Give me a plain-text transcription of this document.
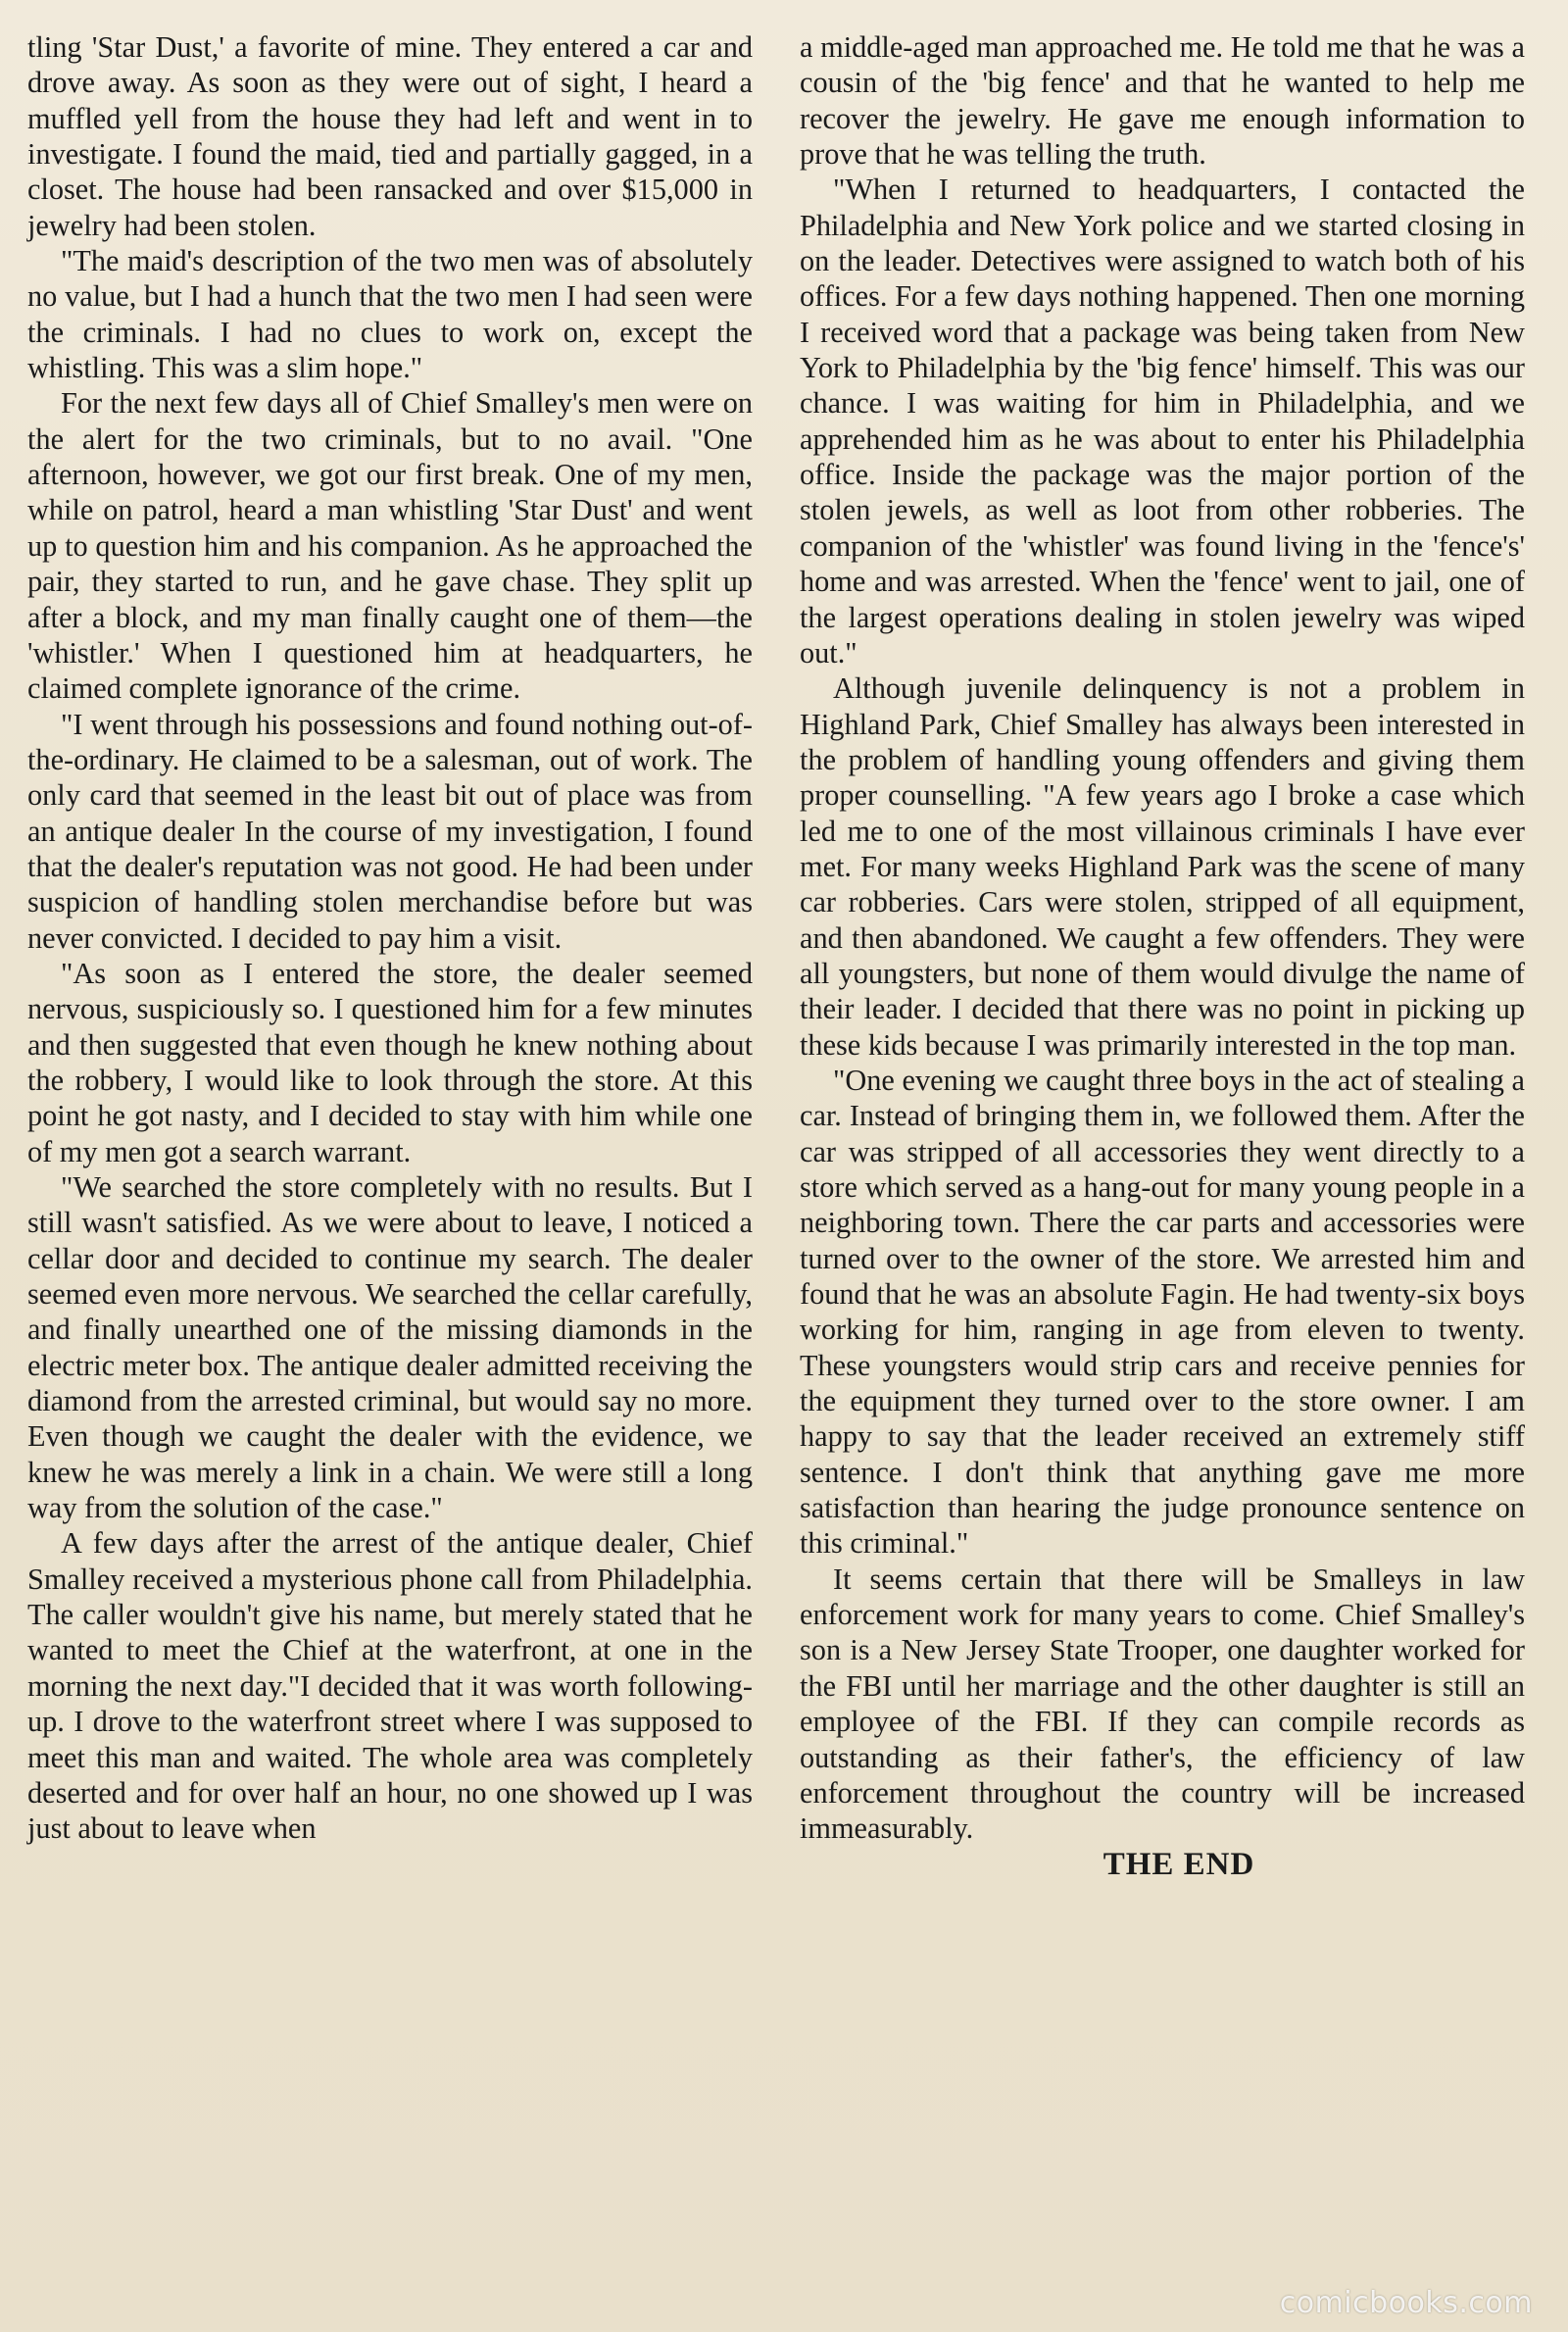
tling 'Star Dust,' a favorite of mine. They entered a car and drove away. As soon as they were out of sight, I heard a muffled yell from the house they had left and went in to investigate. I found the maid, tied and partially gagged, in a closet. The house had been ransacked and over $15,000 in jewelry had been stolen.

"The maid's description of the two men was of absolutely no value, but I had a hunch that the two men I had seen were the criminals. I had no clues to work on, except the whistling. This was a slim hope."

For the next few days all of Chief Smalley's men were on the alert for the two criminals, but to no avail. "One afternoon, however, we got our first break. One of my men, while on patrol, heard a man whistling 'Star Dust' and went up to question him and his companion. As he approached the pair, they started to run, and he gave chase. They split up after a block, and my man finally caught one of them—the 'whistler.' When I questioned him at headquarters, he claimed complete ignorance of the crime.

"I went through his possessions and found nothing out-of-the-ordinary. He claimed to be a salesman, out of work. The only card that seemed in the least bit out of place was from an antique dealer In the course of my investigation, I found that the dealer's reputation was not good. He had been under suspicion of handling stolen merchandise before but was never convicted. I decided to pay him a visit.

"As soon as I entered the store, the dealer seemed nervous, suspiciously so. I questioned him for a few minutes and then suggested that even though he knew nothing about the robbery, I would like to look through the store. At this point he got nasty, and I decided to stay with him while one of my men got a search warrant.

"We searched the store completely with no results. But I still wasn't satisfied. As we were about to leave, I noticed a cellar door and decided to continue my search. The dealer seemed even more nervous. We searched the cellar carefully, and finally unearthed one of the missing diamonds in the electric meter box. The antique dealer admitted receiving the diamond from the arrested criminal, but would say no more. Even though we caught the dealer with the evidence, we knew he was merely a link in a chain. We were still a long way from the solution of the case."

A few days after the arrest of the antique dealer, Chief Smalley received a mysterious phone call from Philadelphia. The caller wouldn't give his name, but merely stated that he wanted to meet the Chief at the waterfront, at one in the morning the next day."I decided that it was worth following-up. I drove to the waterfront street where I was supposed to meet this man and waited. The whole area was completely deserted and for over half an hour, no one showed up I was just about to leave when

a middle-aged man approached me. He told me that he was a cousin of the 'big fence' and that he wanted to help me recover the jewelry. He gave me enough information to prove that he was telling the truth.

"When I returned to headquarters, I contacted the Philadelphia and New York police and we started closing in on the leader. Detectives were assigned to watch both of his offices. For a few days nothing happened. Then one morning I received word that a package was being taken from New York to Philadelphia by the 'big fence' himself. This was our chance. I was waiting for him in Philadelphia, and we apprehended him as he was about to enter his Philadelphia office. Inside the package was the major portion of the stolen jewels, as well as loot from other robberies. The companion of the 'whistler' was found living in the 'fence's' home and was arrested. When the 'fence' went to jail, one of the largest operations dealing in stolen jewelry was wiped out."

Although juvenile delinquency is not a problem in Highland Park, Chief Smalley has always been interested in the problem of handling young offenders and giving them proper counselling. "A few years ago I broke a case which led me to one of the most villainous criminals I have ever met. For many weeks Highland Park was the scene of many car robberies. Cars were stolen, stripped of all equipment, and then abandoned. We caught a few offenders. They were all youngsters, but none of them would divulge the name of their leader. I decided that there was no point in picking up these kids because I was primarily interested in the top man.

"One evening we caught three boys in the act of stealing a car. Instead of bringing them in, we followed them. After the car was stripped of all accessories they went directly to a store which served as a hang-out for many young people in a neighboring town. There the car parts and accessories were turned over to the owner of the store. We arrested him and found that he was an absolute Fagin. He had twenty-six boys working for him, ranging in age from eleven to twenty. These youngsters would strip cars and receive pennies for the equipment they turned over to the store owner. I am happy to say that the leader received an extremely stiff sentence. I don't think that anything gave me more satisfaction than hearing the judge pronounce sentence on this criminal."

It seems certain that there will be Smalleys in law enforcement work for many years to come. Chief Smalley's son is a New Jersey State Trooper, one daughter worked for the FBI until her marriage and the other daughter is still an employee of the FBI. If they can compile records as outstanding as their father's, the efficiency of law enforcement throughout the country will be increased immeasurably.

THE END

comicbooks.com
